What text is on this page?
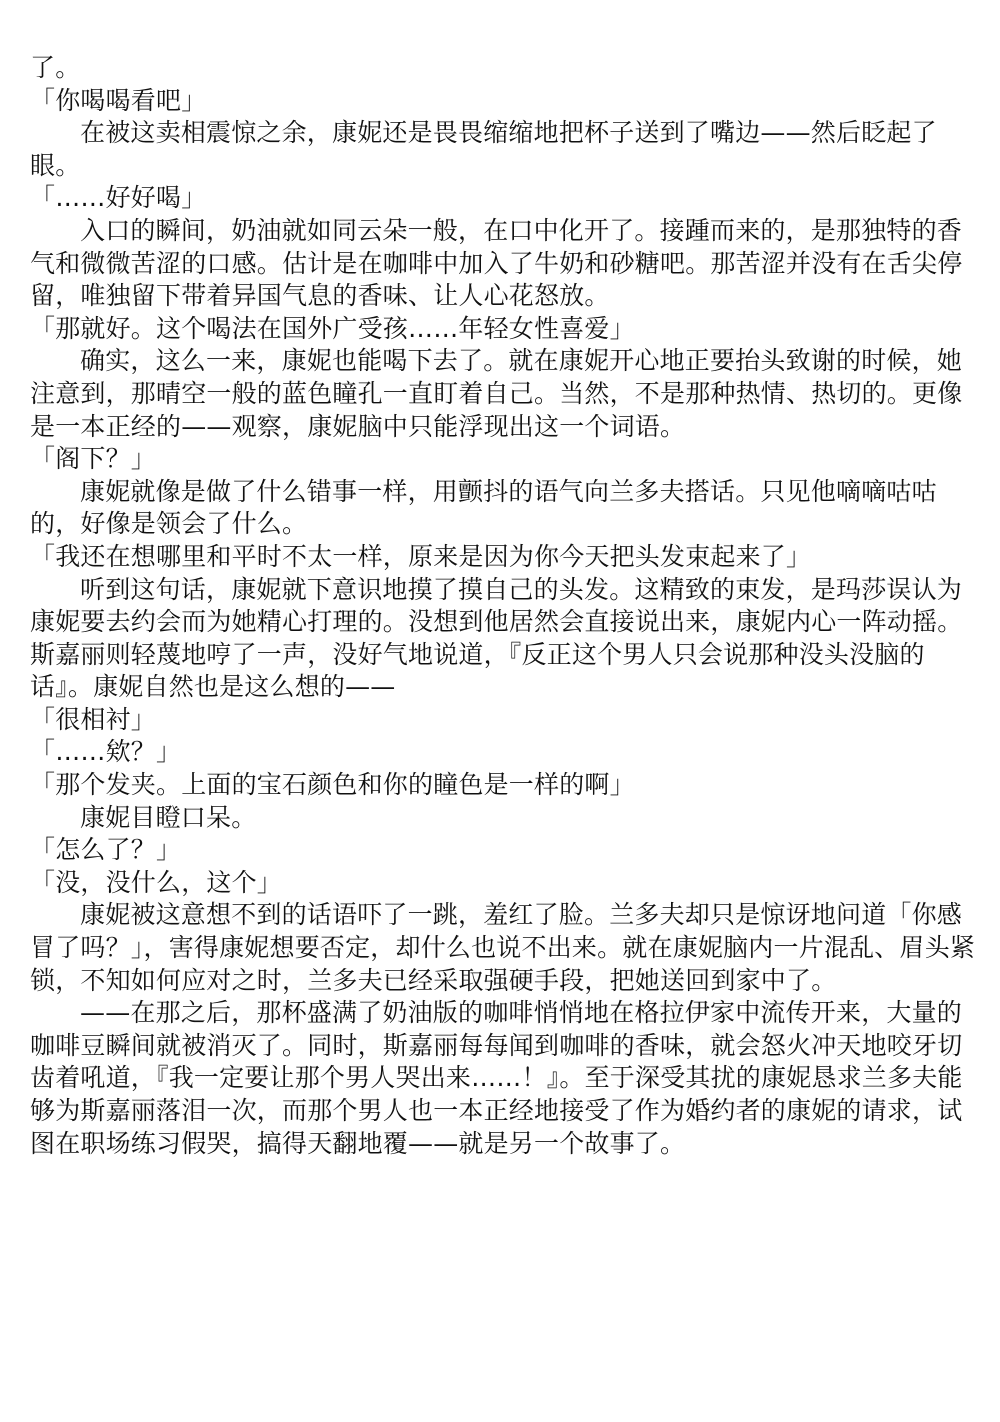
了。

「你喝喝看吧」

在被这卖相震惊之余，康妮还是畏畏缩缩地把杯子送到了嘴边——然后眨起了眼。

「……好好喝」

入口的瞬间，奶油就如同云朵一般，在口中化开了。接踵而来的，是那独特的香气和微微苦涩的口感。估计是在咖啡中加入了牛奶和砂糖吧。那苦涩并没有在舌尖停留，唯独留下带着异国气息的香味、让人心花怒放。

「那就好。这个喝法在国外广受孩……年轻女性喜爱」

确实，这么一来，康妮也能喝下去了。就在康妮开心地正要抬头致谢的时候，她注意到，那晴空一般的蓝色瞳孔一直盯着自己。当然，不是那种热情、热切的。更像是一本正经的——观察，康妮脑中只能浮现出这一个词语。

「阁下？」

康妮就像是做了什么错事一样，用颤抖的语气向兰多夫搭话。只见他嘀嘀咕咕的，好像是领会了什么。

「我还在想哪里和平时不太一样，原来是因为你今天把头发束起来了」

听到这句话，康妮就下意识地摸了摸自己的头发。这精致的束发，是玛莎误认为康妮要去约会而为她精心打理的。没想到他居然会直接说出来，康妮内心一阵动摇。斯嘉丽则轻蔑地哼了一声，没好气地说道，『反正这个男人只会说那种没头没脑的话』。康妮自然也是这么想的——

「很相衬」

「……欸？」

「那个发夹。上面的宝石颜色和你的瞳色是一样的啊」

康妮目瞪口呆。

「怎么了？」

「没，没什么，这个」

康妮被这意想不到的话语吓了一跳，羞红了脸。兰多夫却只是惊讶地问道「你感冒了吗？」，害得康妮想要否定，却什么也说不出来。就在康妮脑内一片混乱、眉头紧锁，不知如何应对之时，兰多夫已经采取强硬手段，把她送回到家中了。

——在那之后，那杯盛满了奶油版的咖啡悄悄地在格拉伊家中流传开来，大量的咖啡豆瞬间就被消灭了。同时，斯嘉丽每每闻到咖啡的香味，就会怒火冲天地咬牙切齿着吼道，『我一定要让那个男人哭出来……！』。至于深受其扰的康妮恳求兰多夫能够为斯嘉丽落泪一次，而那个男人也一本正经地接受了作为婚约者的康妮的请求，试图在职场练习假哭，搞得天翻地覆——就是另一个故事了。
